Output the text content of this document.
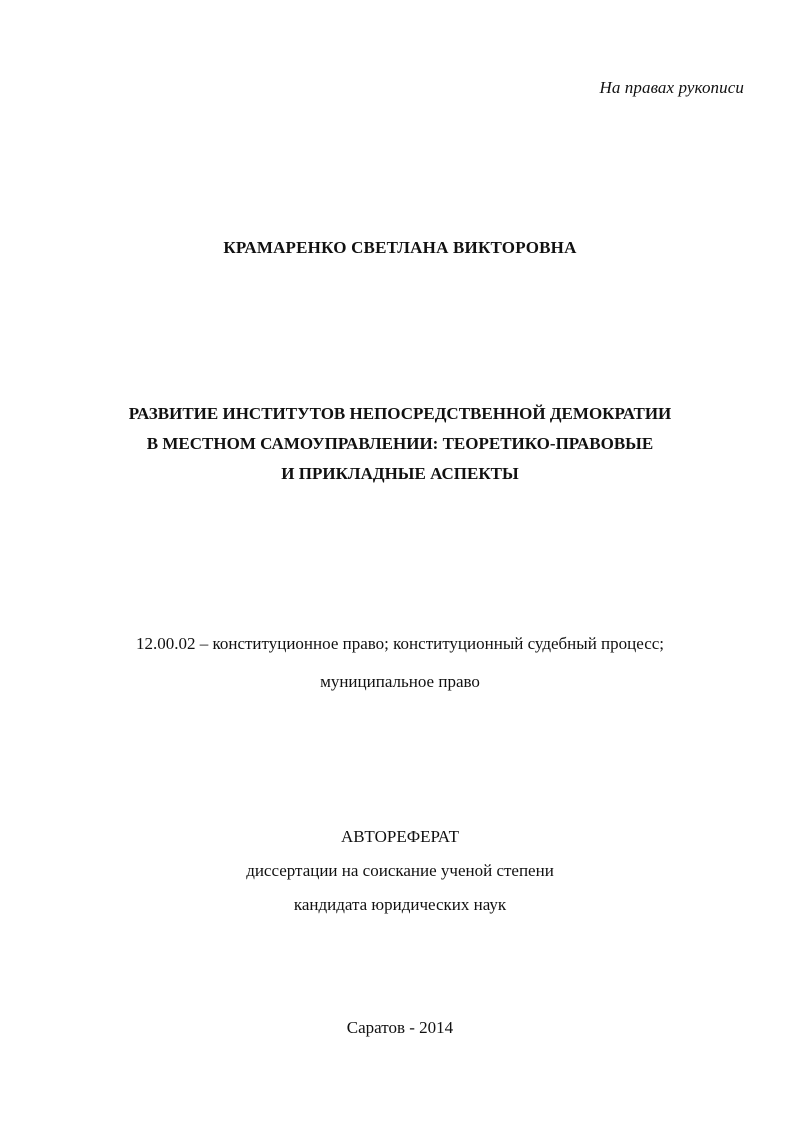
На правах рукописи
КРАМАРЕНКО СВЕТЛАНА ВИКТОРОВНА
РАЗВИТИЕ ИНСТИТУТОВ НЕПОСРЕДСТВЕННОЙ ДЕМОКРАТИИ
В МЕСТНОМ САМОУПРАВЛЕНИИ: ТЕОРЕТИКО-ПРАВОВЫЕ
И ПРИКЛАДНЫЕ АСПЕКТЫ
12.00.02 – конституционное право; конституционный судебный процесс;
муниципальное право
АВТОРЕФЕРАТ
диссертации на соискание ученой степени
кандидата юридических наук
Саратов - 2014
